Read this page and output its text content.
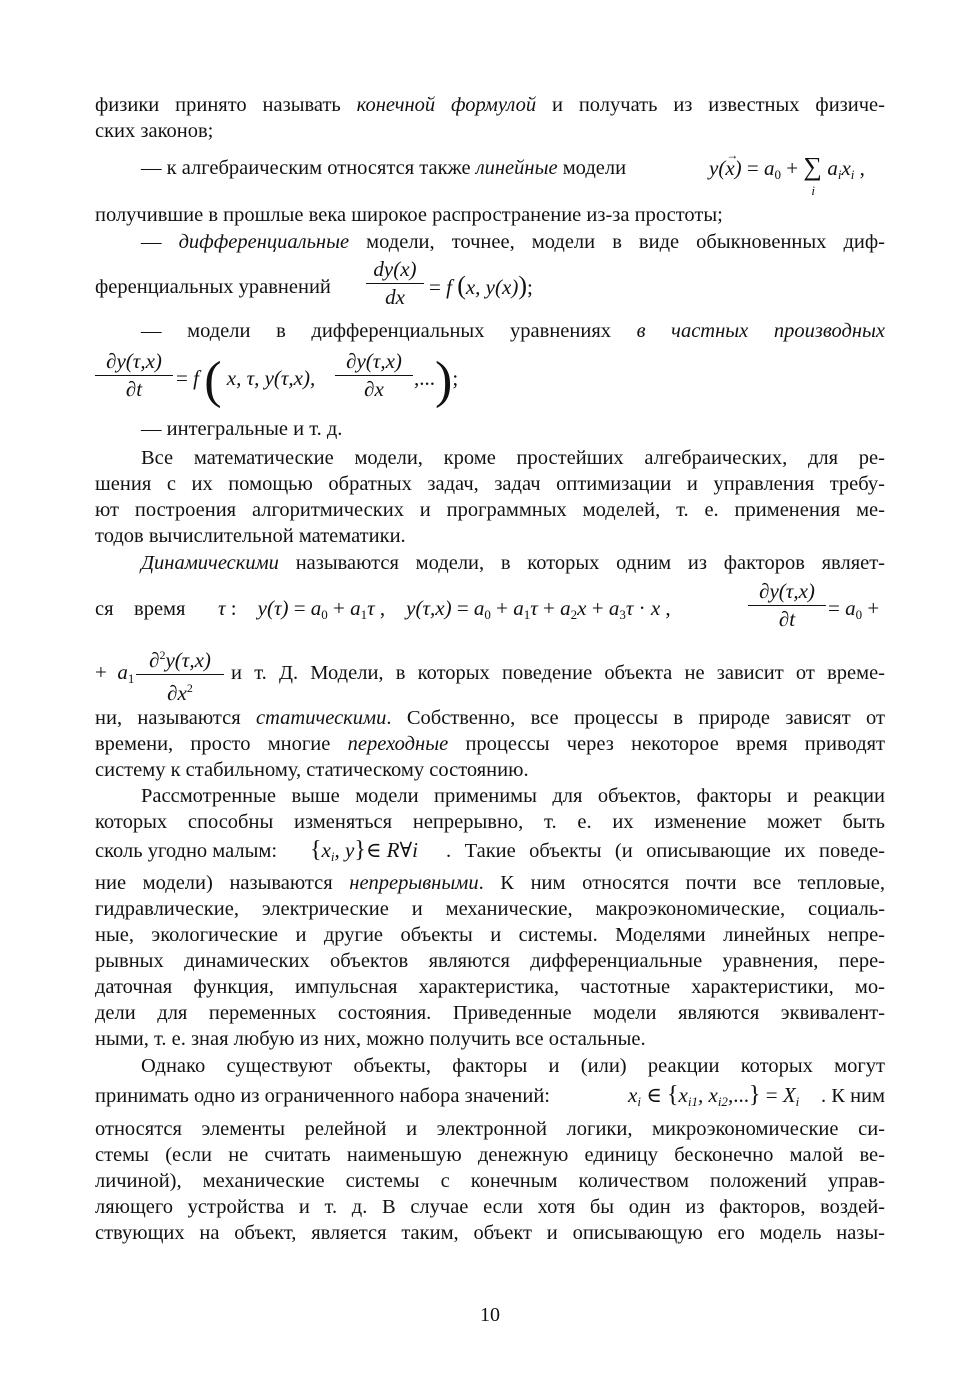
физики принято называть конечной формулой и получать из известных физиче-
ских законов;
— к алгебраическим относятся также линейные модели	y(x
→
) = $a_0$ + ∑
i
$a_ix_i$ ,
получившие в прошлые века широкое распространение из-за простоты;
— дифференциальные модели, точнее, модели в виде обыкновенных диф-
ференциальных уравнений
dy(x)
dx	= f (x, y(x));
— модели в дифференциальных уравнениях в частных производных
∂y(τ,x)
∂t	= f ( x, τ, y(τ,x),
∂y(τ,x)
∂x	,...);
— интегральные и т. д.
Все математические модели, кроме простейших алгебраических, для ре-
шения с их помощью обратных задач, задач оптимизации и управления требу-
ют построения алгоритмических и программных моделей, т. е. применения ме-
тодов вычислительной математики.
Динамическими называются модели, в которых одним из факторов являет-
ся время	τ :    $y(\tau) = a_0 + a_1\tau$ ,    $y(\tau,x) = a_0 + a_1\tau + a_2x + a_3\tau \cdot x$ ,
∂y(τ,x)
∂t	= $a_0$ +
+  $a_1$
∂$^2$y(τ,x)
$\partial x^2$
и т. Д. Модели, в которых поведение объекта не зависит от време-
ни, называются статическими. Собственно, все процессы в природе зависят от
времени, просто многие переходные процессы через некоторое время приводят
систему к стабильному, статическому состоянию.
Рассмотренные выше модели применимы для объектов, факторы и реакции
которых способны изменяться непрерывно, т. е. их изменение может быть
сколь угодно малым:	{$x_i$, y}∈ R∀i . Такие объекты (и описывающие их поведе-
ние модели) называются непрерывными. К ним относятся почти все тепловые,
гидравлические, электрические и механические, макроэкономические, социаль-
ные, экологические и другие объекты и системы. Моделями линейных непре-
рывных динамических объектов являются дифференциальные уравнения, пере-
даточная функция, импульсная характеристика, частотные характеристики, мо-
дели для переменных состояния. Приведенные модели являются эквивалент-
ными, т. е. зная любую из них, можно получить все остальные.
Однако существуют объекты, факторы и (или) реакции которых могут
принимать одно из ограниченного набора значений:	$x_i$ ∈ {$x_{i1}$, $x_{i2},...\} = X_i$ . К ним
относятся элементы релейной и электронной логики, микроэкономические си-
стемы (если не считать наименьшую денежную единицу бесконечно малой ве-
личиной), механические системы с конечным количеством положений управ-
ляющего устройства и т. д. В случае если хотя бы один из факторов, воздей-
ствующих на объект, является таким, объект и описывающую его модель назы-
10
